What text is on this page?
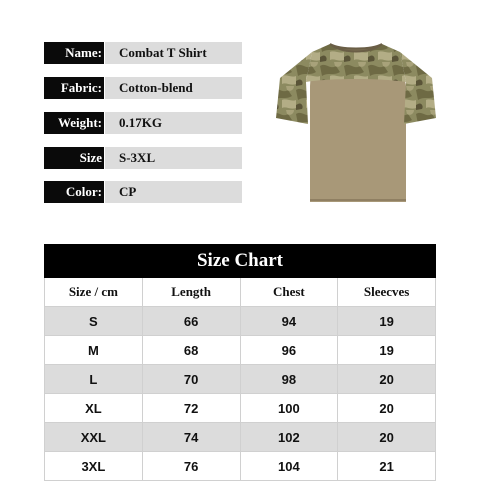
Name:	Combat T Shirt
Fabric:	Cotton-blend
Weight:	0.17KG
Size	S-3XL
Color:	CP
Size Chart			
Size / cm	Length	Chest	Sleecves
S	66	94	19
M	68	96	19
L	70	98	20
XL	72	100	20
XXL	74	102	20
3XL	76	104	21
